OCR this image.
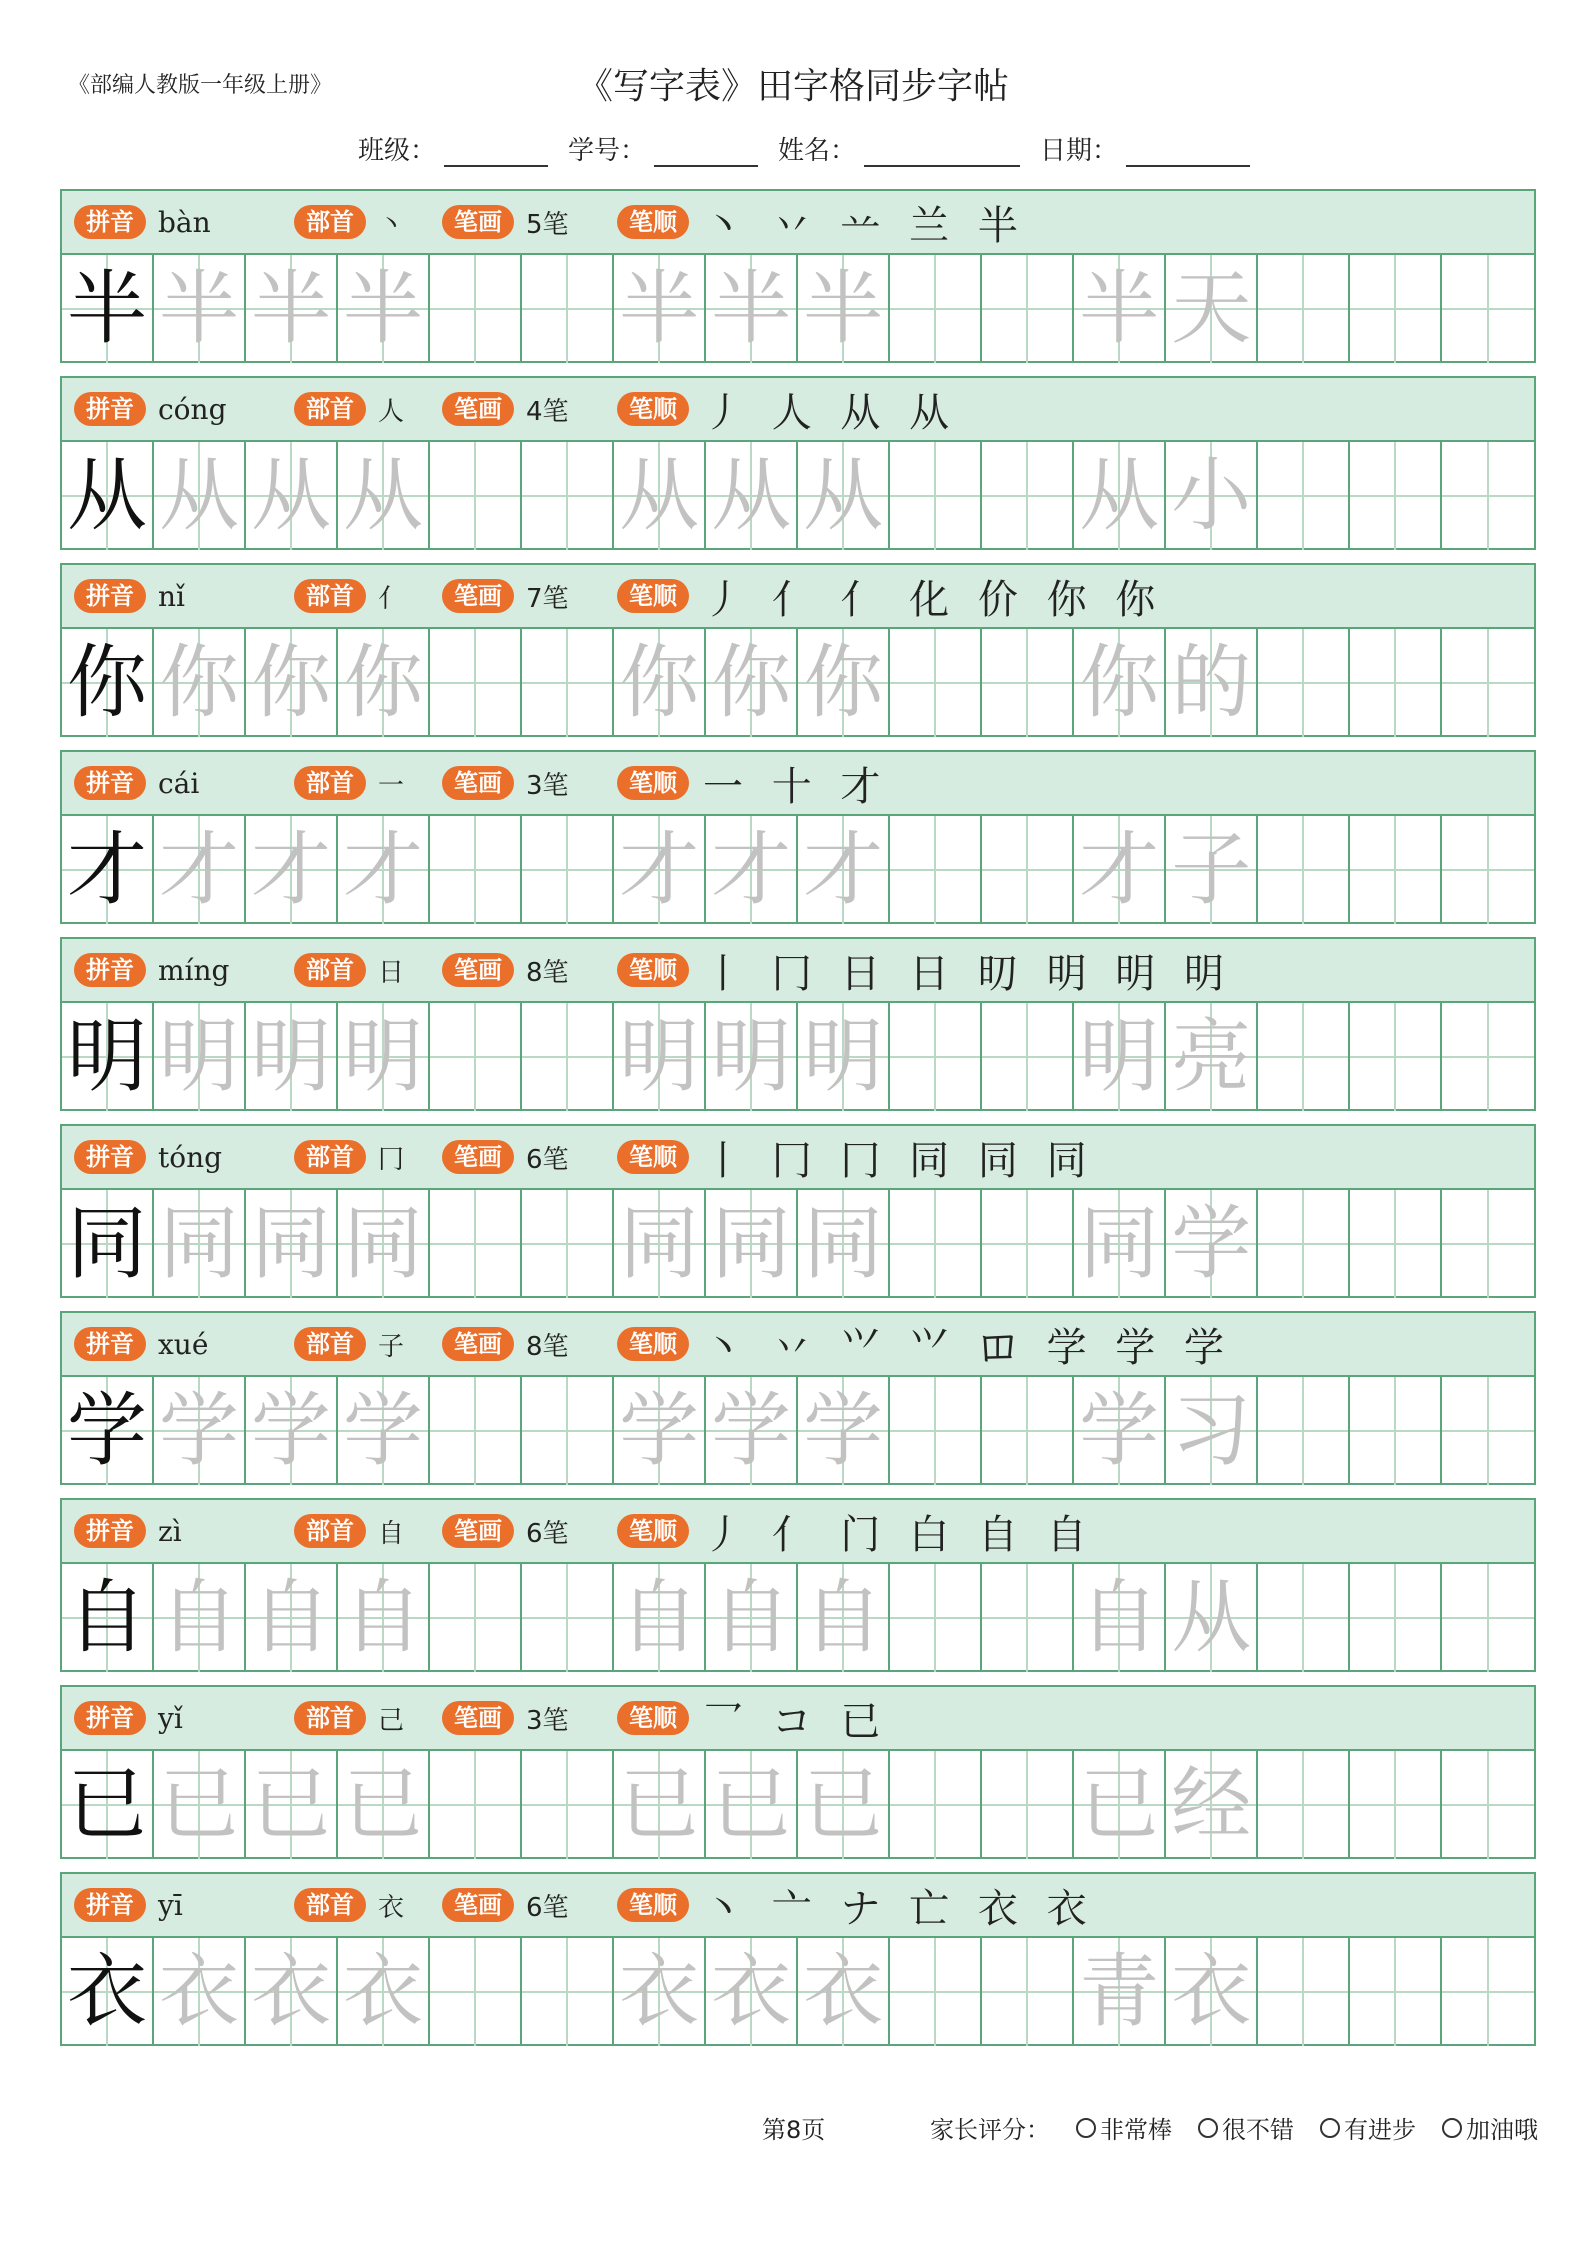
《部编人教版一年级上册》	《写字表》田字格同步字帖
班级：	学号：	姓名：	日期：
拼音 bàn	部首 丶	笔画 5笔	笔顺 丶 丷 䒑 兰 半
半 半 半 半 半 半 半 半 天
拼音 cóng	部首 人	笔画 4笔	笔顺 丿 人 从 从
从 从 从 从 从 从 从 从 小
拼音 nǐ	部首 亻	笔画 7笔	笔顺 丿 亻 亻 化 价 你 你
你 你 你 你 你 你 你 你 的
拼音 cái	部首 一	笔画 3笔	笔顺 一 十 才
才 才 才 才 才 才 才 才 子
拼音 míng	部首 日	笔画 8笔	笔顺 丨 冂 日 日 旫 明 明 明
明 明 明 明 明 明 明 明 亮
拼音 tóng	部首 冂	笔画 6笔	笔顺 丨 冂 冂 同 同 同
同 同 同 同 同 同 同 同 学
拼音 xué	部首 子	笔画 8笔	笔顺 丶 丷 ⺍ ⺍ 𫩏 学 学 学
学 学 学 学 学 学 学 学 习
拼音 zì	部首 自	笔画 6笔	笔顺 丿 亻 门 白 自 自
自 自 自 自 自 自 自 自 从
拼音 yǐ	部首 己	笔画 3笔	笔顺 乛 コ 已
已 已 已 已 已 已 已 已 经
拼音 yī	部首 衣	笔画 6笔	笔顺 丶 亠 ナ 亡 衣 衣
衣 衣 衣 衣 衣 衣 衣 青 衣
第8页	家长评分： 非常棒 很不错 有进步 加油哦
